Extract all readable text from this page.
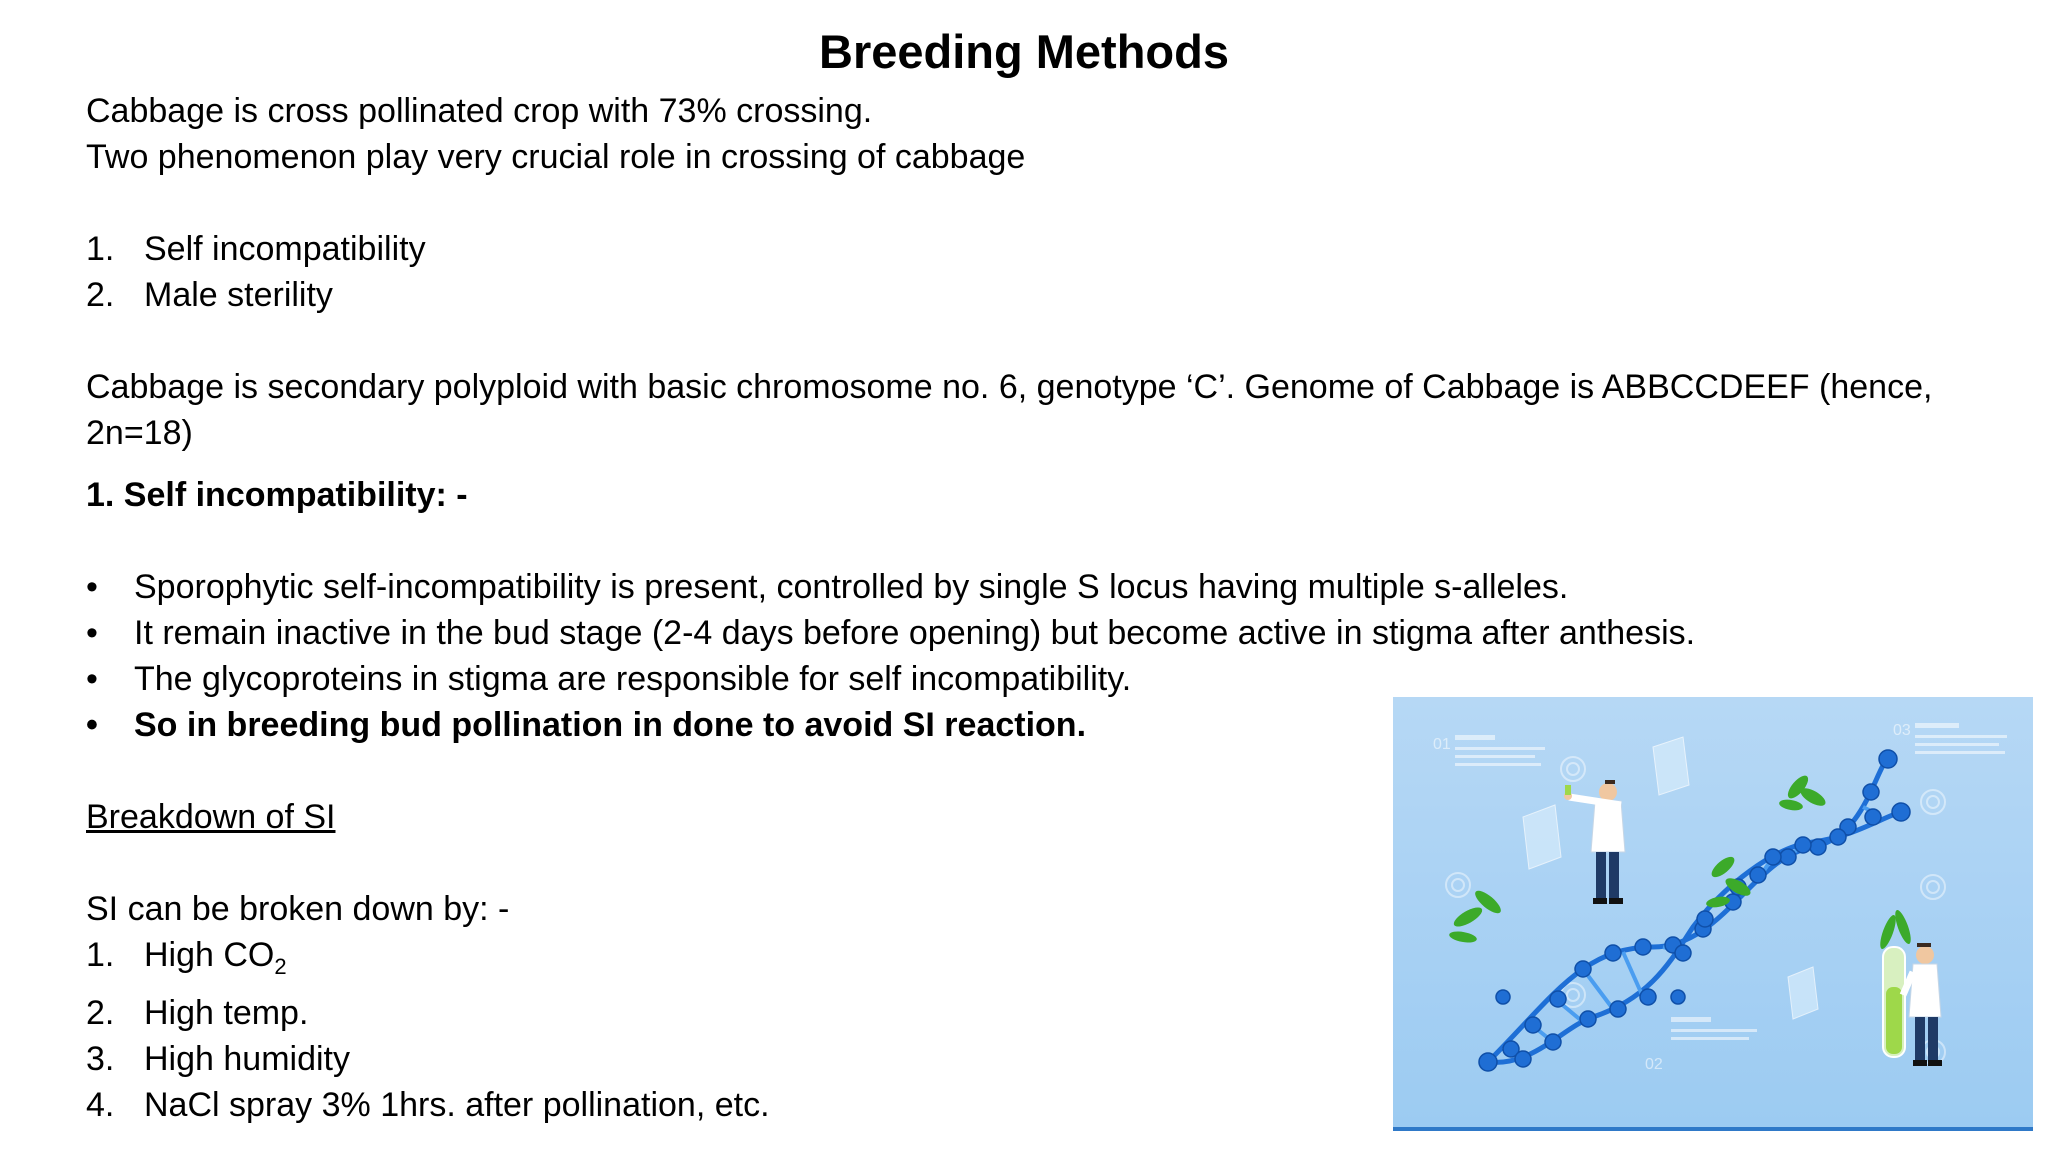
Breeding Methods

Cabbage is cross pollinated crop with 73% crossing.

Two phenomenon play very crucial role in crossing of cabbage

1. Self incompatibility
2. Male sterility

Cabbage is secondary polyploid with basic chromosome no. 6, genotype ‘C’. Genome of Cabbage is ABBCCDEEF (hence, 2n=18)

1. Self incompatibility: -

•	Sporophytic self-incompatibility is present, controlled by single S locus having multiple s-alleles.
•	It remain inactive in the bud stage (2-4 days before opening) but become active in stigma after anthesis.
•	The glycoproteins in stigma are responsible for self incompatibility.
•	So in breeding bud pollination in done to avoid SI reaction.

Breakdown of SI

SI can be broken down by: -

1. High $CO_2$
2. High temp.
3. High humidity
4. NaCl spray 3% 1hrs. after pollination, etc.
01
03
02
